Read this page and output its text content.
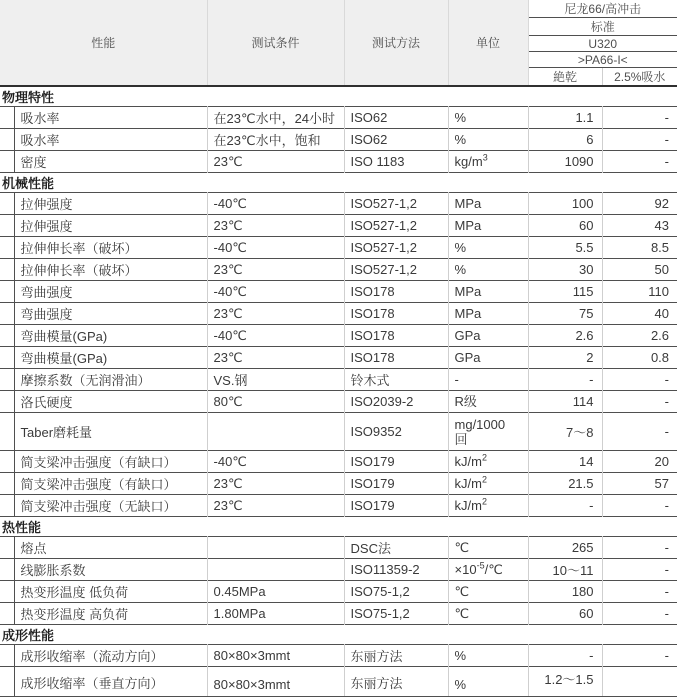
性能		测试条件	测试方法	单位	尼龙66/高冲击	
					标准	
					U320	
					>PA66-I<	
					絶乾	2.5%吸水
物理特性						
	吸水率	在23℃水中，24小时	ISO62	%	1.1	-
	吸水率	在23℃水中，饱和	ISO62	%	6	-
	密度	23℃	ISO 1183	$kg/m^3$	1090	-
机械性能						
	拉伸强度	-40℃	ISO527-1,2	MPa	100	92
	拉伸强度	23℃	ISO527-1,2	MPa	60	43
	拉伸伸长率（破坏）	-40℃	ISO527-1,2	%	5.5	8.5
	拉伸伸长率（破坏）	23℃	ISO527-1,2	%	30	50
	弯曲强度	-40℃	ISO178	MPa	115	110
	弯曲强度	23℃	ISO178	MPa	75	40
	弯曲模量(GPa)	-40℃	ISO178	GPa	2.6	2.6
	弯曲模量(GPa)	23℃	ISO178	GPa	2	0.8
	摩擦系数（无润滑油）	VS.钢	铃木式	-	-	-
	洛氏硬度	80℃	ISO2039-2	R级	114	-
	Taber磨耗量		ISO9352	mg/1000回	7〜8	-
	简支梁冲击强度（有缺口）	-40℃	ISO179	$kJ/m^2$	14	20
	简支梁冲击强度（有缺口）	23℃	ISO179	$kJ/m^2$	21.5	57
	简支梁冲击强度（无缺口）	23℃	ISO179	$kJ/m^2$	-	-
热性能						
	熔点		DSC法	℃	265	-
	线膨胀系数		ISO11359-2	$\times 10^{-5}/℃$	10〜11	-
	热变形温度 低负荷	0.45MPa	ISO75-1,2	℃	180	-
	热变形温度 高负荷	1.80MPa	ISO75-1,2	℃	60	-
成形性能						
	成形收缩率（流动方向）	80×80×3mmt	东丽方法	%	-	-
	成形收缩率（垂直方向）	80×80×3mmt	东丽方法	%	1.2〜1.5	
